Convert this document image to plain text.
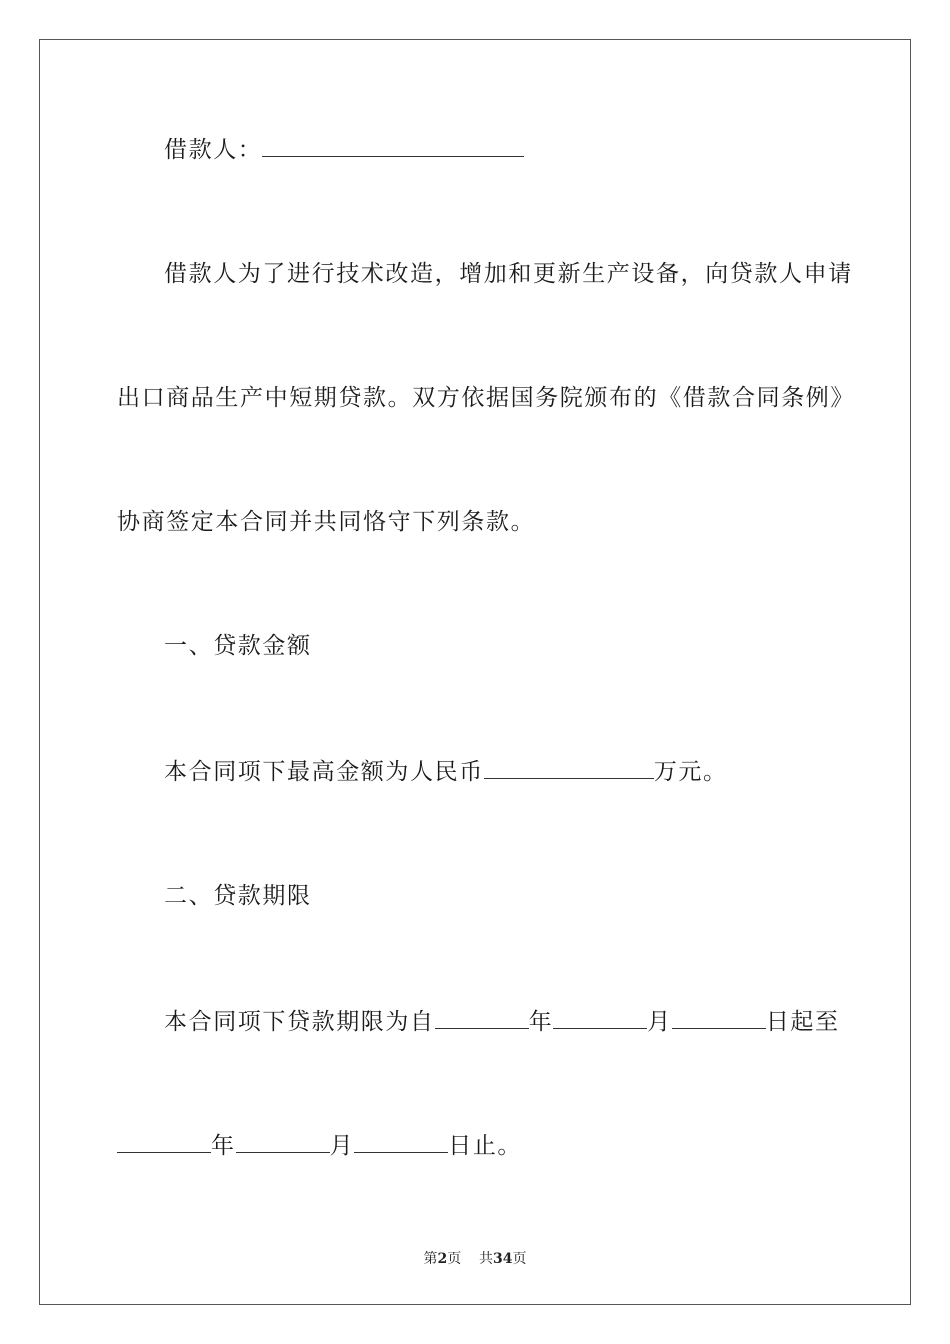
借款人：
借款人为了进行技术改造，增加和更新生产设备，向贷款人申请
出口商品生产中短期贷款。双方依据国务院颁布的《借款合同条例》
协商签定本合同并共同恪守下列条款。
一、贷款金额
本合同项下最高金额为人民币	万元。
二、贷款期限
本合同项下贷款期限为自	年	月	日起至
年	月	日止。
第2页 共34页
